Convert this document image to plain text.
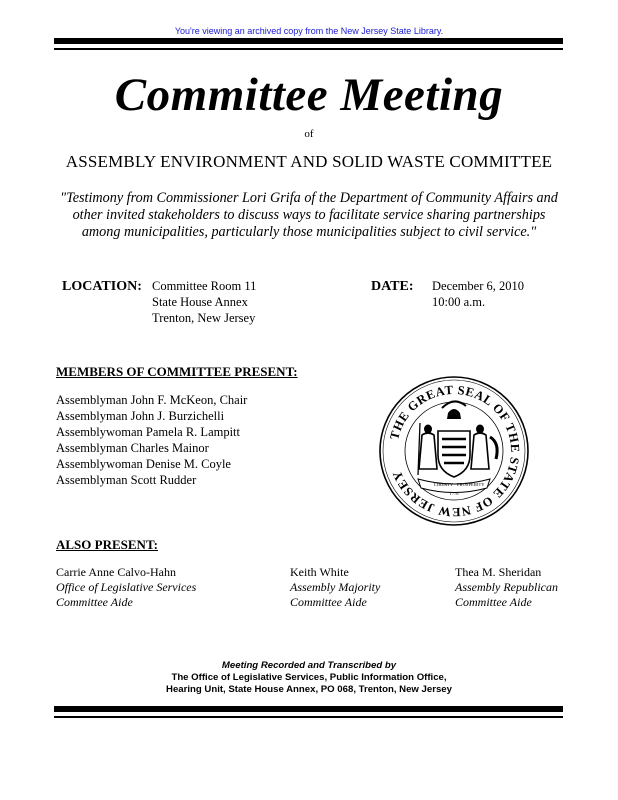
You're viewing an archived copy from the New Jersey State Library.
Committee Meeting
of
ASSEMBLY ENVIRONMENT AND SOLID WASTE COMMITTEE
"Testimony from Commissioner Lori Grifa of the Department of Community Affairs and other invited stakeholders to discuss ways to facilitate service sharing partnerships among municipalities, particularly those municipalities subject to civil service."
LOCATION: Committee Room 11
State House Annex
Trenton, New Jersey
DATE: December 6, 2010
10:00 a.m.
MEMBERS OF COMMITTEE PRESENT:
Assemblyman John F. McKeon, Chair
Assemblyman John J. Burzichelli
Assemblywoman Pamela R. Lampitt
Assemblyman Charles Mainor
Assemblywoman Denise M. Coyle
Assemblyman Scott Rudder
THE GREAT SEAL OF THE STATE OF NEW JERSEY
LIBERTY PROSPERITY
1776
ALSO PRESENT:
Carrie Anne Calvo-Hahn
Office of Legislative Services
Committee Aide
Keith White
Assembly Majority
Committee Aide
Thea M. Sheridan
Assembly Republican
Committee Aide
Meeting Recorded and Transcribed by
The Office of Legislative Services, Public Information Office,
Hearing Unit, State House Annex, PO 068, Trenton, New Jersey
